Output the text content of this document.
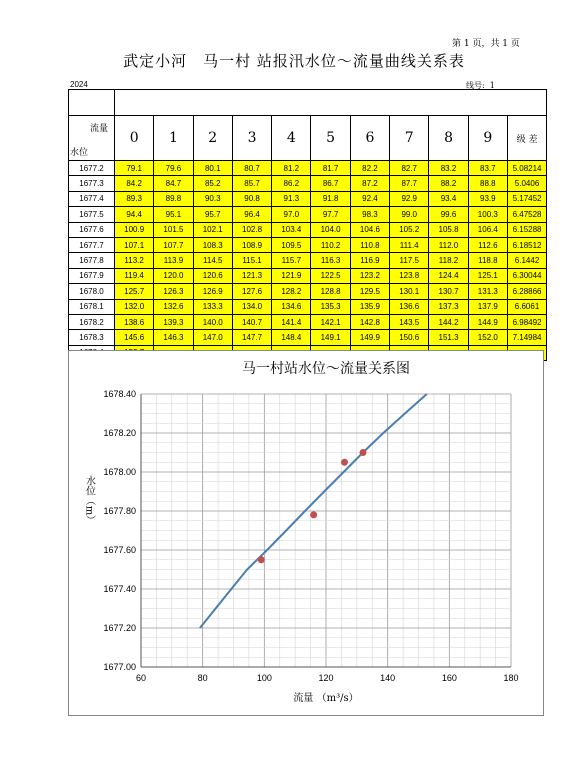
第 1 页，共 1 页
武定小河　马一村 站报汛水位～流量曲线关系表
2024	线号: 1

流量
水位	0	1	2	3	4	5	6	7	8	9	级 差
1677.2	79.1	79.6	80.1	80.7	81.2	81.7	82.2	82.7	83.2	83.7	5.08214
1677.3	84.2	84.7	85.2	85.7	86.2	86.7	87.2	87.7	88.2	88.8	5.0406
1677.4	89.3	89.8	90.3	90.8	91.3	91.8	92.4	92.9	93.4	93.9	5.17452
1677.5	94.4	95.1	95.7	96.4	97.0	97.7	98.3	99.0	99.6	100.3	6.47528
1677.6	100.9	101.5	102.1	102.8	103.4	104.0	104.6	105.2	105.8	106.4	6.15288
1677.7	107.1	107.7	108.3	108.9	109.5	110.2	110.8	111.4	112.0	112.6	6.18512
1677.8	113.2	113.9	114.5	115.1	115.7	116.3	116.9	117.5	118.2	118.8	6.1442
1677.9	119.4	120.0	120.6	121.3	121.9	122.5	123.2	123.8	124.4	125.1	6.30044
1678.0	125.7	126.3	126.9	127.6	128.2	128.8	129.5	130.1	130.7	131.3	6.28866
1678.1	132.0	132.6	133.3	134.0	134.6	135.3	135.9	136.6	137.3	137.9	6.6061
1678.2	138.6	139.3	140.0	140.7	141.4	142.1	142.8	143.5	144.2	144.9	6.98492
1678.3	145.6	146.3	147.0	147.7	148.4	149.1	149.9	150.6	151.3	152.0	7.14984

马一村站水位～流量关系图
60	80	100	120	140	160	180
1677.00
1677.20
1677.40
1677.60
1677.80
1678.00
1678.20
1678.40
流量 （m³/s）
水位（m）
